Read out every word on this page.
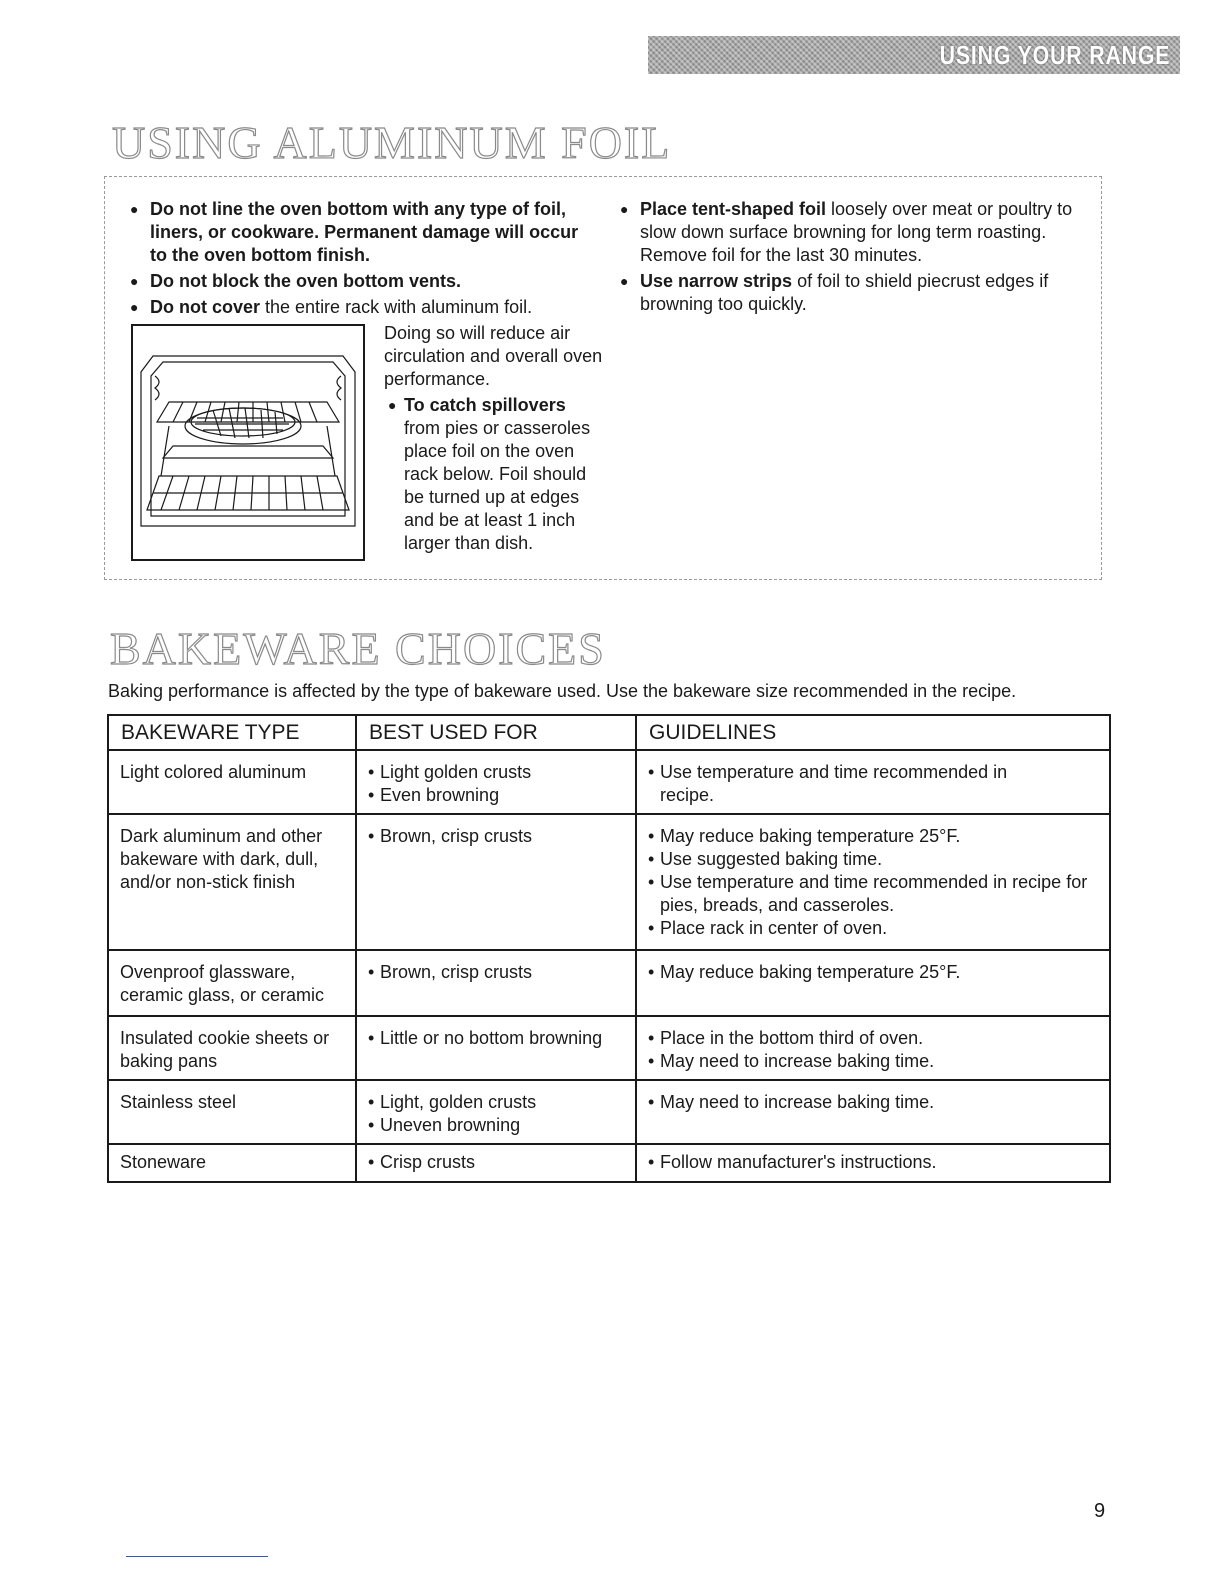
USING YOUR RANGE
USING ALUMINUM FOIL
● Do not line the oven bottom with any type of foil, liners, or cookware. Permanent damage will occur to the oven bottom finish.
● Do not block the oven bottom vents.
● Do not cover the entire rack with aluminum foil.
Doing so will reduce air circulation and overall oven performance.
● To catch spillovers from pies or casseroles place foil on the oven rack below. Foil should be turned up at edges and be at least 1 inch larger than dish.
● Place tent-shaped foil loosely over meat or poultry to slow down surface browning for long term roasting. Remove foil for the last 30 minutes.
● Use narrow strips of foil to shield piecrust edges if browning too quickly.
BAKEWARE CHOICES
Baking performance is affected by the type of bakeware used. Use the bakeware size recommended in the recipe.
BAKEWARE TYPE	BEST USED FOR	GUIDELINES
Light colored aluminum	• Light golden crusts
• Even browning	• Use temperature and time recommended in recipe.

Dark aluminum and other bakeware with dark, dull, and/or non-stick finish	• Brown, crisp crusts	• May reduce baking temperature 25°F.
• Use suggested baking time.
• Use temperature and time recommended in recipe for pies, breads, and casseroles.
• Place rack in center of oven.

Ovenproof glassware, ceramic glass, or ceramic	• Brown, crisp crusts	• May reduce baking temperature 25°F.

Insulated cookie sheets or baking pans	• Little or no bottom browning	• Place in the bottom third of oven.
• May need to increase baking time.

Stainless steel	• Light, golden crusts
• Uneven browning	• May need to increase baking time.

Stoneware	• Crisp crusts	• Follow manufacturer's instructions.
9
